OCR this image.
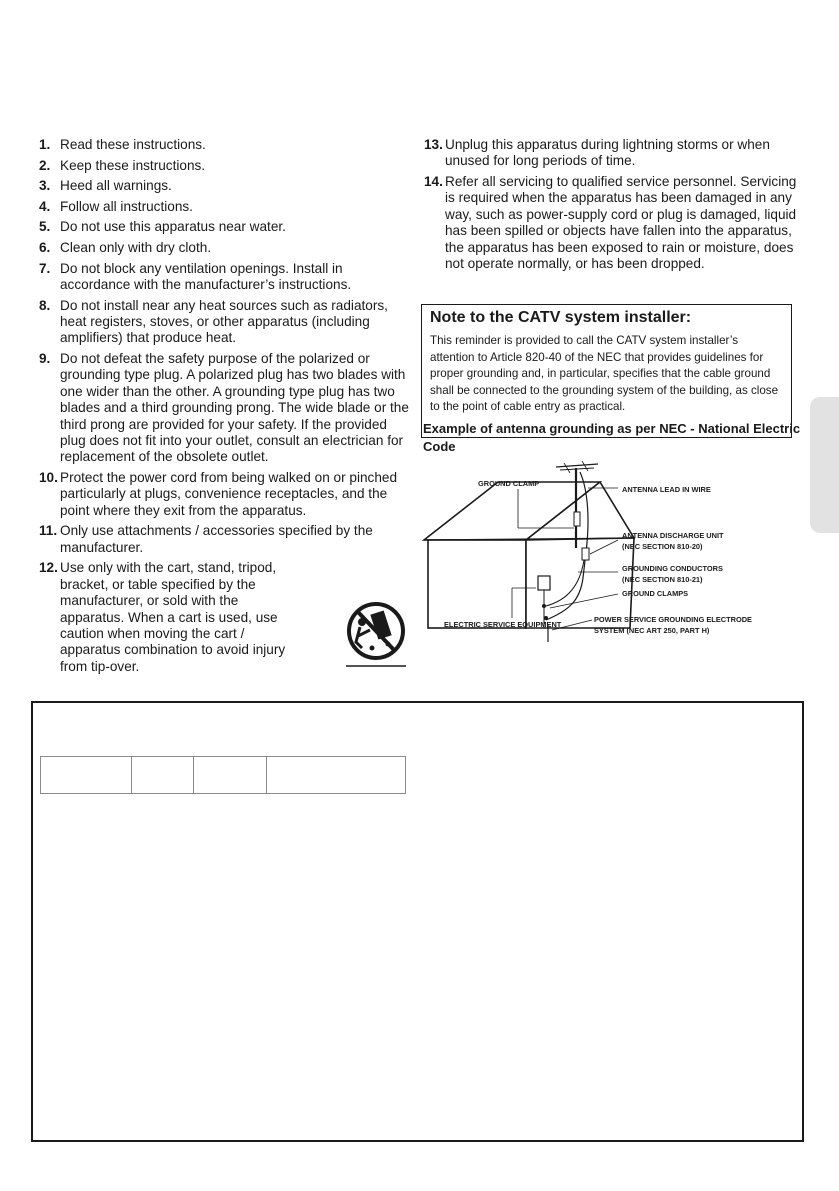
1. Read these instructions.
2. Keep these instructions.
3. Heed all warnings.
4. Follow all instructions.
5. Do not use this apparatus near water.
6. Clean only with dry cloth.
7. Do not block any ventilation openings. Install in accordance with the manufacturer’s instructions.
8. Do not install near any heat sources such as radiators, heat registers, stoves, or other apparatus (including amplifiers) that produce heat.
9. Do not defeat the safety purpose of the polarized or grounding type plug. A polarized plug has two blades with one wider than the other. A grounding type plug has two blades and a third grounding prong. The wide blade or the third prong are provided for your safety. If the provided plug does not fit into your outlet, consult an electrician for replacement of the obsolete outlet.
10. Protect the power cord from being walked on or pinched particularly at plugs, convenience receptacles, and the point where they exit from the apparatus.
11. Only use attachments / accessories specified by the manufacturer.
12. Use only with the cart, stand, tripod, bracket, or table specified by the manufacturer, or sold with the apparatus. When a cart is used, use caution when moving the cart / apparatus combination to avoid injury from tip-over.
13. Unplug this apparatus during lightning storms or when unused for long periods of time.
14. Refer all servicing to qualified service personnel. Servicing is required when the apparatus has been damaged in any way, such as power-supply cord or plug is damaged, liquid has been spilled or objects have fallen into the apparatus, the apparatus has been exposed to rain or moisture, does not operate normally, or has been dropped.

Note to the CATV system installer:

This reminder is provided to call the CATV system installer’s attention to Article 820-40 of the NEC that provides guidelines for proper grounding and, in particular, specifies that the cable ground shall be connected to the grounding system of the building, as close to the point of cable entry as practical.

Example of antenna grounding as per NEC - National Electric Code
GROUND CLAMP
ANTENNA LEAD IN WIRE
ANTENNA DISCHARGE UNIT
(NEC SECTION 810-20)
GROUNDING CONDUCTORS
(NEC SECTION 810-21)
GROUND CLAMPS
ELECTRIC SERVICE EQUIPMENT
POWER SERVICE GROUNDING ELECTRODE
SYSTEM (NEC ART 250, PART H)
